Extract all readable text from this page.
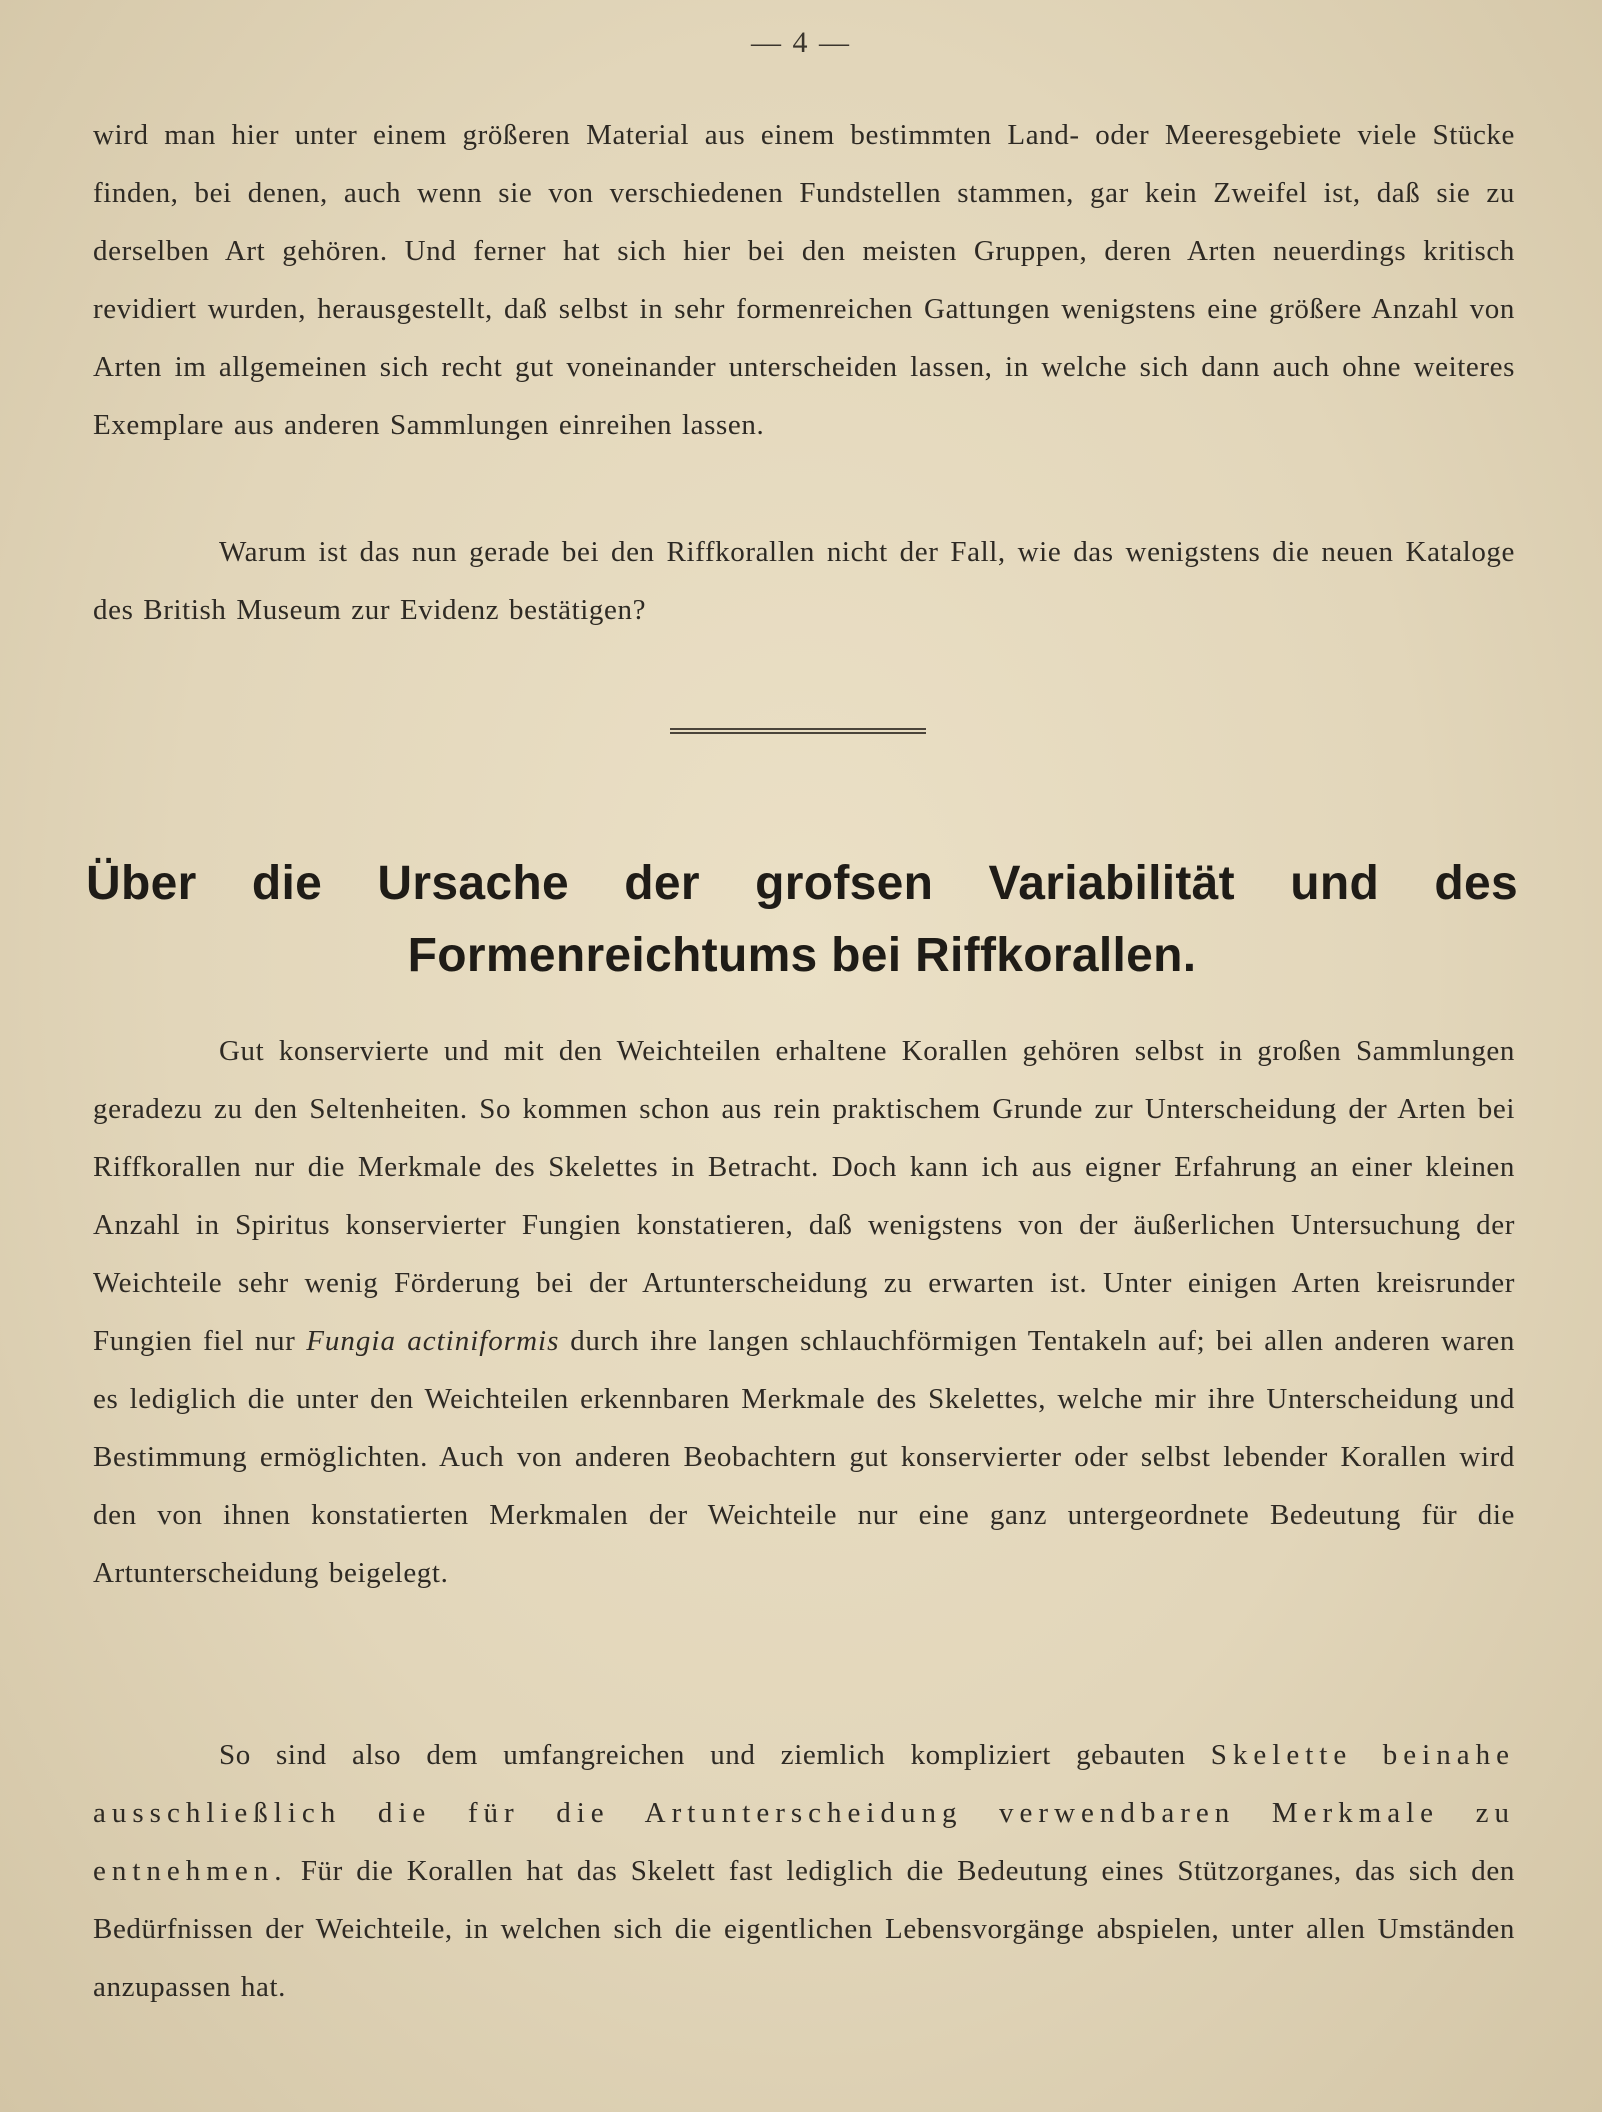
— 4 —

wird man hier unter einem größeren Material aus einem bestimmten Land- oder Meeresgebiete viele Stücke finden, bei denen, auch wenn sie von verschiedenen Fundstellen stammen, gar kein Zweifel ist, daß sie zu derselben Art gehören. Und ferner hat sich hier bei den meisten Gruppen, deren Arten neuerdings kritisch revidiert wurden, herausgestellt, daß selbst in sehr formenreichen Gattungen wenigstens eine größere Anzahl von Arten im allgemeinen sich recht gut voneinander unterscheiden lassen, in welche sich dann auch ohne weiteres Exemplare aus anderen Sammlungen einreihen lassen.

Warum ist das nun gerade bei den Riffkorallen nicht der Fall, wie das wenigstens die neuen Kataloge des British Museum zur Evidenz bestätigen?

Über die Ursache der grofsen Variabilität und des Formenreichtums bei Riffkorallen.

Gut konservierte und mit den Weichteilen erhaltene Korallen gehören selbst in großen Sammlungen geradezu zu den Seltenheiten. So kommen schon aus rein praktischem Grunde zur Unterscheidung der Arten bei Riffkorallen nur die Merkmale des Skelettes in Betracht. Doch kann ich aus eigner Erfahrung an einer kleinen Anzahl in Spiritus konservierter Fungien konstatieren, daß wenigstens von der äußerlichen Untersuchung der Weichteile sehr wenig Förderung bei der Artunterscheidung zu erwarten ist. Unter einigen Arten kreisrunder Fungien fiel nur Fungia actiniformis durch ihre langen schlauchförmigen Tentakeln auf; bei allen anderen waren es lediglich die unter den Weichteilen erkennbaren Merkmale des Skelettes, welche mir ihre Unterscheidung und Bestimmung ermöglichten. Auch von anderen Beobachtern gut konservierter oder selbst lebender Korallen wird den von ihnen konstatierten Merkmalen der Weichteile nur eine ganz untergeordnete Bedeutung für die Artunterscheidung beigelegt.

So sind also dem umfangreichen und ziemlich kompliziert gebauten Skelette beinahe ausschließlich die für die Artunterscheidung verwendbaren Merkmale zu entnehmen. Für die Korallen hat das Skelett fast lediglich die Bedeutung eines Stützorganes, das sich den Bedürfnissen der Weichteile, in welchen sich die eigentlichen Lebensvorgänge abspielen, unter allen Umständen anzupassen hat.
